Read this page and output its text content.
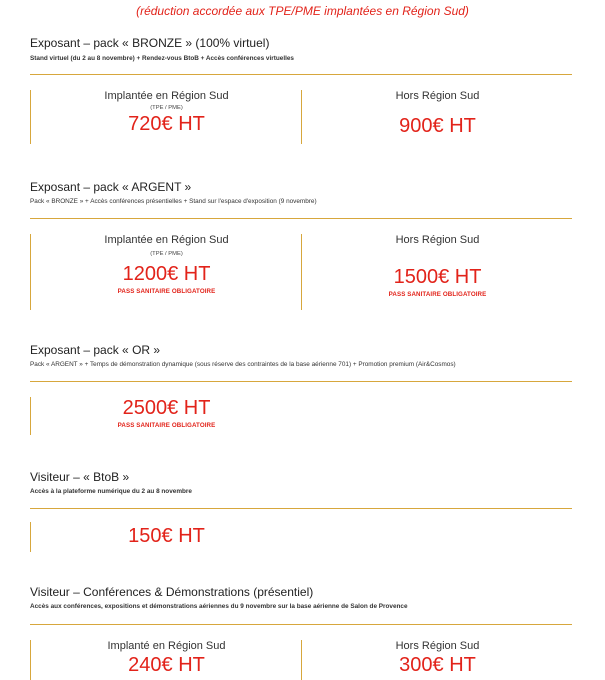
(réduction accordée aux TPE/PME implantées en Région Sud)
Exposant – pack « BRONZE » (100% virtuel)
Stand virtuel (du 2 au 8 novembre) + Rendez-vous BtoB + Accès conférences virtuelles
Implantée en Région Sud
(TPE / PME)
720€ HT
Hors Région Sud
900€ HT
Exposant – pack « ARGENT »
Pack « BRONZE » + Accès conférences présentielles + Stand sur l'espace d'exposition (9 novembre)
Implantée en Région Sud
(TPE / PME)
1200€ HT
PASS SANITAIRE OBLIGATOIRE
Hors Région Sud
1500€ HT
PASS SANITAIRE OBLIGATOIRE
Exposant – pack « OR »
Pack « ARGENT » + Temps de démonstration dynamique (sous réserve des contraintes de la base aérienne 701) + Promotion premium (Air&Cosmos)
2500€ HT
PASS SANITAIRE OBLIGATOIRE
Visiteur – « BtoB »
Accès à la plateforme numérique du 2 au 8 novembre
150€ HT
Visiteur – Conférences & Démonstrations (présentiel)
Accès aux conférences, expositions et démonstrations aériennes du 9 novembre sur la base aérienne de Salon de Provence
Implanté en Région Sud
240€ HT
Hors Région Sud
300€ HT
